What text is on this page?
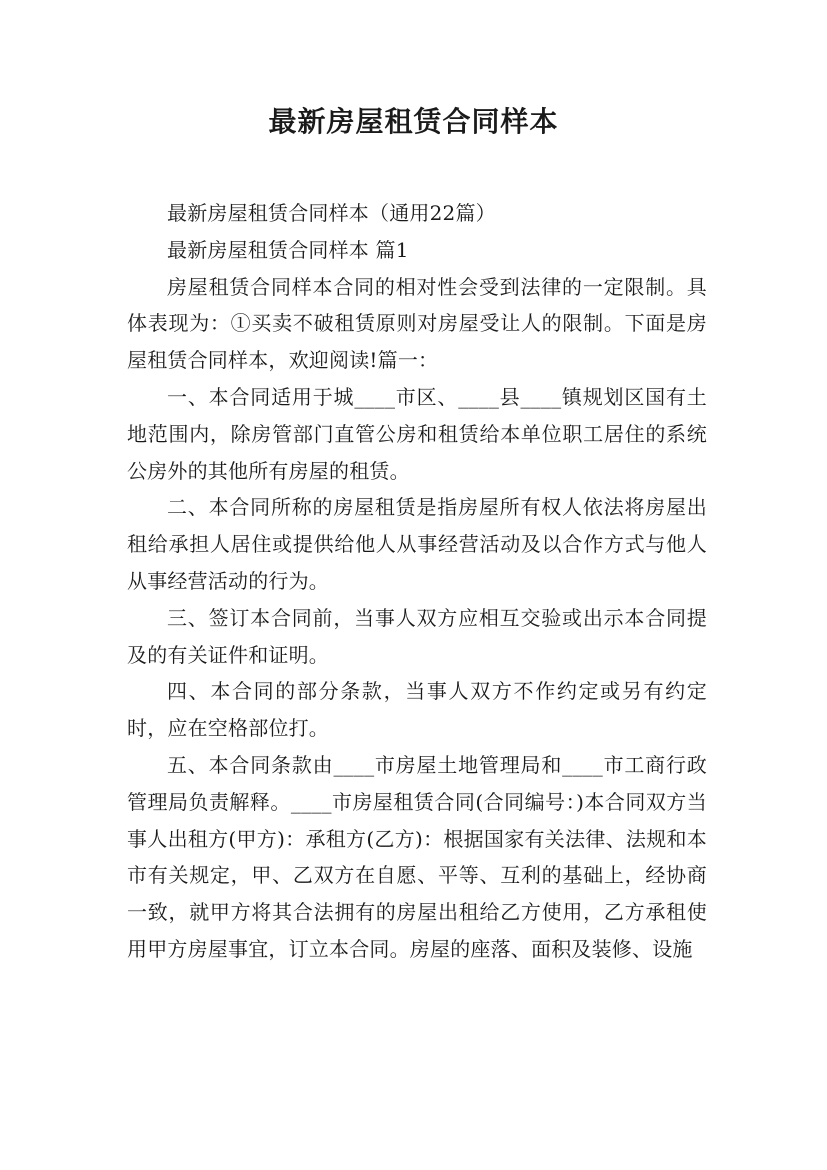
最新房屋租赁合同样本

最新房屋租赁合同样本（通用22篇）

最新房屋租赁合同样本 篇1

房屋租赁合同样本合同的相对性会受到法律的一定限制。具体表现为：①买卖不破租赁原则对房屋受让人的限制。下面是房屋租赁合同样本，欢迎阅读!篇一：

一、本合同适用于城____市区、____县____镇规划区国有土地范围内，除房管部门直管公房和租赁给本单位职工居住的系统公房外的其他所有房屋的租赁。

二、本合同所称的房屋租赁是指房屋所有权人依法将房屋出租给承担人居住或提供给他人从事经营活动及以合作方式与他人从事经营活动的行为。

三、签订本合同前，当事人双方应相互交验或出示本合同提及的有关证件和证明。

四、本合同的部分条款，当事人双方不作约定或另有约定时，应在空格部位打。

五、本合同条款由____市房屋土地管理局和____市工商行政管理局负责解释。____市房屋租赁合同(合同编号：)本合同双方当事人出租方(甲方)：承租方(乙方)：根据国家有关法律、法规和本市有关规定，甲、乙双方在自愿、平等、互利的基础上，经协商一致，就甲方将其合法拥有的房屋出租给乙方使用，乙方承租使用甲方房屋事宜，订立本合同。房屋的座落、面积及装修、设施
